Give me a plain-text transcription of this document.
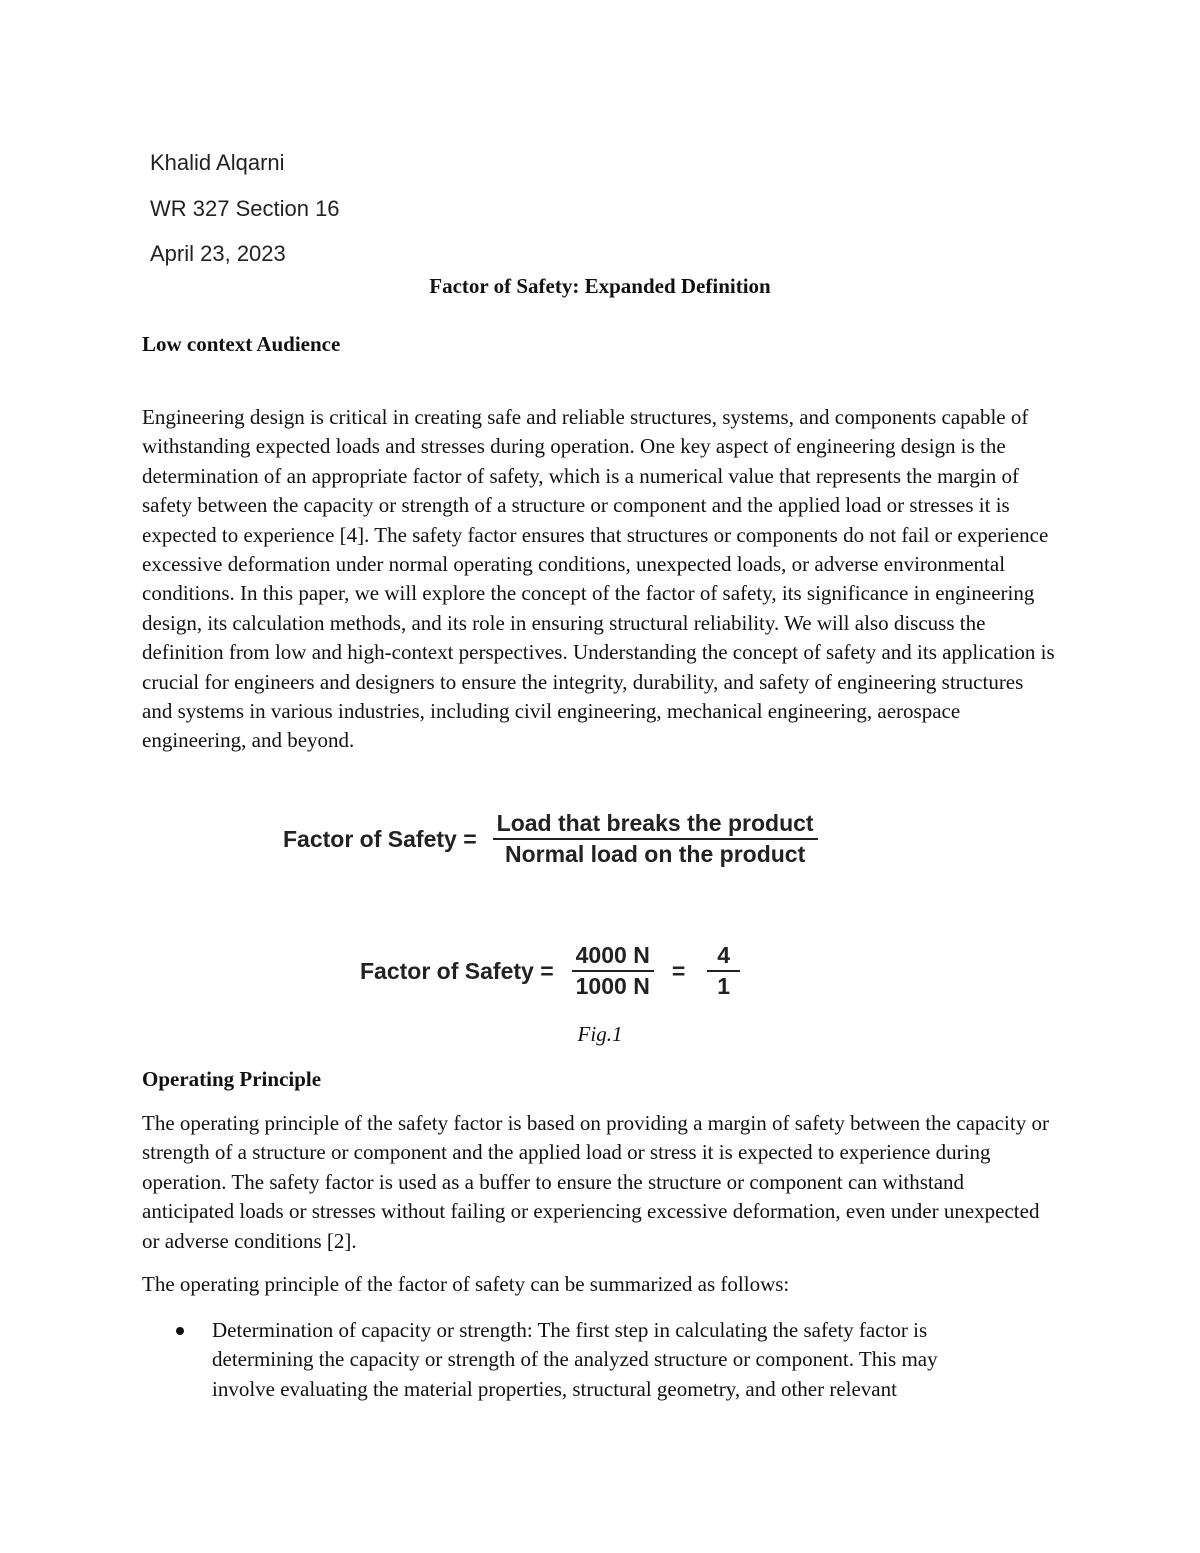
Khalid Alqarni
WR 327 Section 16
April 23, 2023
Factor of Safety: Expanded Definition
Low context Audience

Engineering design is critical in creating safe and reliable structures, systems, and components capable of withstanding expected loads and stresses during operation. One key aspect of engineering design is the determination of an appropriate factor of safety, which is a numerical value that represents the margin of safety between the capacity or strength of a structure or component and the applied load or stresses it is expected to experience [4]. The safety factor ensures that structures or components do not fail or experience excessive deformation under normal operating conditions, unexpected loads, or adverse environmental conditions. In this paper, we will explore the concept of the factor of safety, its significance in engineering design, its calculation methods, and its role in ensuring structural reliability. We will also discuss the definition from low and high-context perspectives. Understanding the concept of safety and its application is crucial for engineers and designers to ensure the integrity, durability, and safety of engineering structures and systems in various industries, including civil engineering, mechanical engineering, aerospace engineering, and beyond.

Factor of Safety = $\frac{\text{Load that breaks the product}}{\text{Normal load on the product}}$
Factor of Safety = $\frac{4000 N}{1000 N} = \frac{4}{1}$
Fig.1
Operating Principle

The operating principle of the safety factor is based on providing a margin of safety between the capacity or strength of a structure or component and the applied load or stress it is expected to experience during operation. The safety factor is used as a buffer to ensure the structure or component can withstand anticipated loads or stresses without failing or experiencing excessive deformation, even under unexpected or adverse conditions [2].

The operating principle of the factor of safety can be summarized as follows:

Determination of capacity or strength: The first step in calculating the safety factor is determining the capacity or strength of the analyzed structure or component. This may involve evaluating the material properties, structural geometry, and other relevant
